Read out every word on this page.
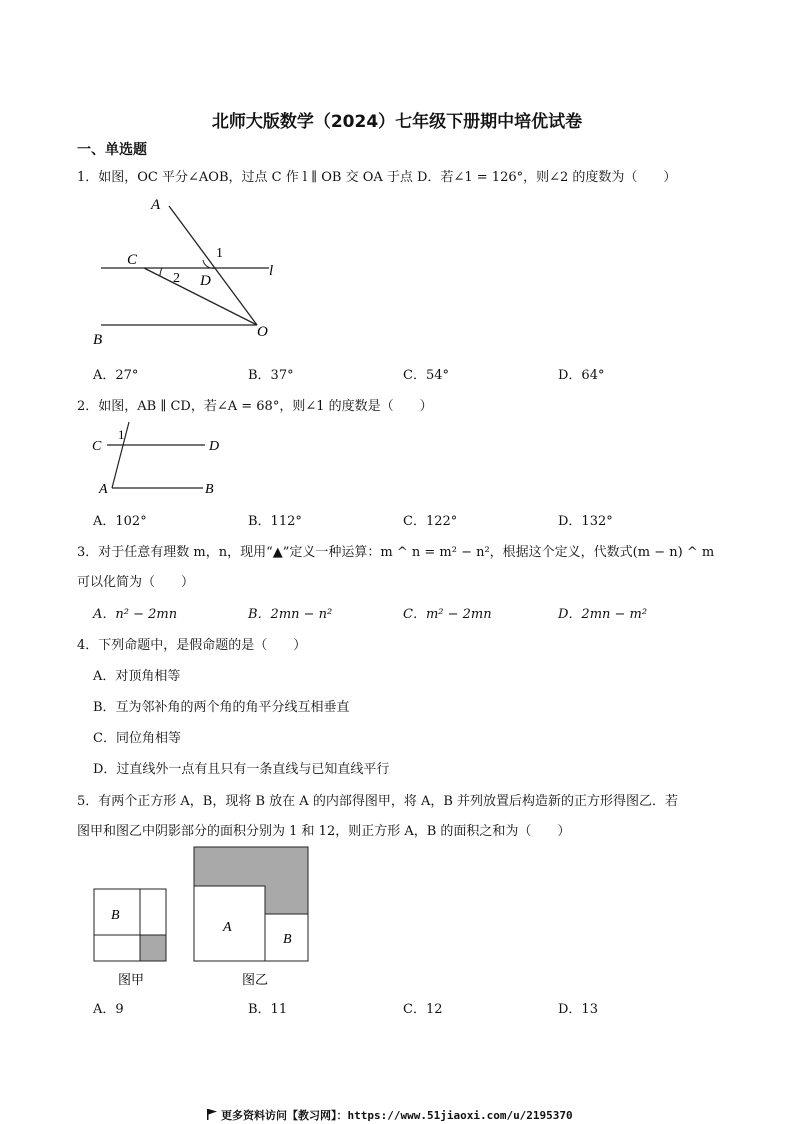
北师大版数学（2024）七年级下册期中培优试卷
一、单选题
1．如图，OC 平分∠AOB，过点 C 作 l ∥ OB 交 OA 于点 D．若∠1 = 126°，则∠2 的度数为（　　）
A
C	1
2 D
l
B	O
A．27°	B．37°	C．54°	D．64°
2．如图，AB ∥ CD，若∠A = 68°，则∠1 的度数是（　　）
C
1
D
A	B
A．102°	B．112°	C．122°	D．132°
3．对于任意有理数 m，n，现用“▲”定义一种运算：m ^ n = m² − n²，根据这个定义，代数式(m − n) ^ m
可以化简为（　　）
A．n² − 2mn	B．2mn − n²	C．m² − 2mn	D．2mn − m²
4．下列命题中，是假命题的是（　　）
A．对顶角相等
B．互为邻补角的两个角的角平分线互相垂直
C．同位角相等
D．过直线外一点有且只有一条直线与已知直线平行
5．有两个正方形 A，B，现将 B 放在 A 的内部得图甲，将 A，B 并列放置后构造新的正方形得图乙．若
图甲和图乙中阴影部分的面积分别为 1 和 12，则正方形 A，B 的面积之和为（　　）
B
A
B
图甲	图乙
A．9	B．11	C．12	D．13
更多资料访问【教习网】：https://www.51jiaoxi.com/u/2195370
